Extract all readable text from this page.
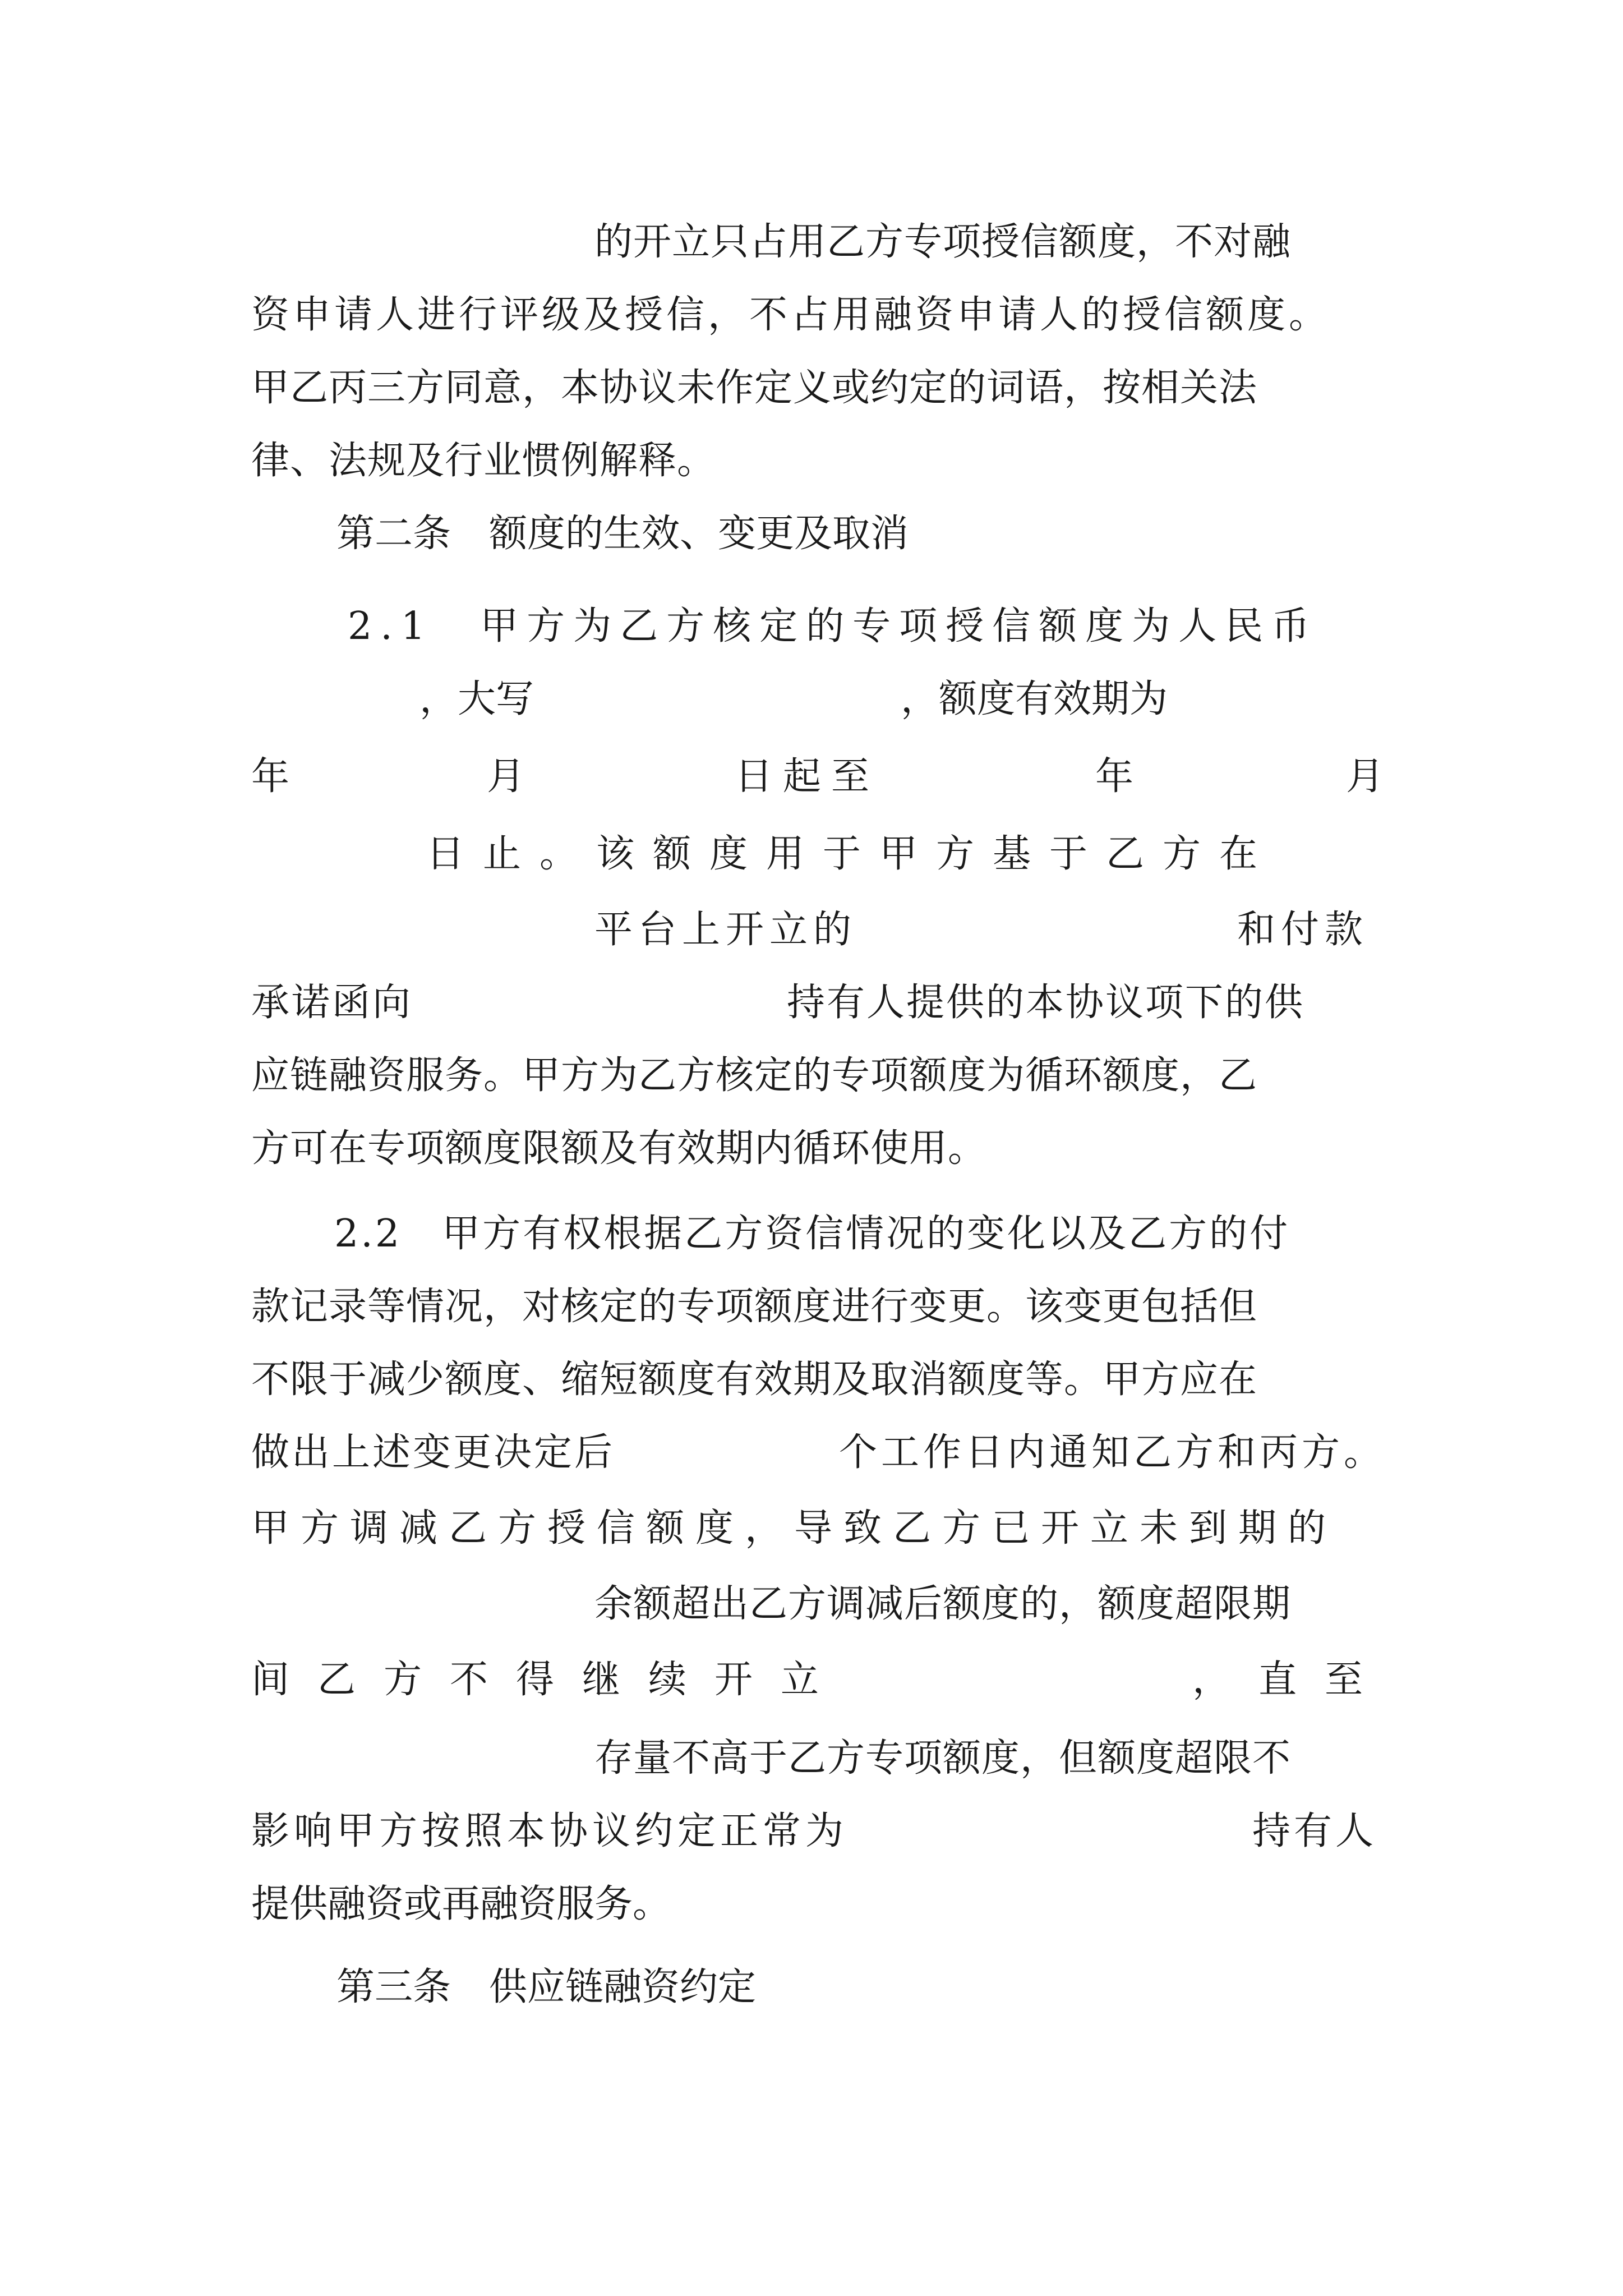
的开立只占用乙方专项授信额度，不对融
资申请人进行评级及授信，不占用融资申请人的授信额度。
甲乙丙三方同意，本协议未作定义或约定的词语，按相关法
律、法规及行业惯例解释。
第二条　额度的生效、变更及取消
2.1　甲方为乙方核定的专项授信额度为人民币
，大写	，额度有效期为
年	月	日起至	年	月
日止。该额度用于甲方基于乙方在
平台上开立的	和付款
承诺函向	持有人提供的本协议项下的供
应链融资服务。甲方为乙方核定的专项额度为循环额度，乙
方可在专项额度限额及有效期内循环使用。
2.2　甲方有权根据乙方资信情况的变化以及乙方的付
款记录等情况，对核定的专项额度进行变更。该变更包括但
不限于减少额度、缩短额度有效期及取消额度等。甲方应在
做出上述变更决定后	个工作日内通知乙方和丙方。
甲方调减乙方授信额度，导致乙方已开立未到期的
余额超出乙方调减后额度的，额度超限期
间乙方不得继续开立	，直至
存量不高于乙方专项额度，但额度超限不
影响甲方按照本协议约定正常为	持有人
提供融资或再融资服务。
第三条　供应链融资约定
